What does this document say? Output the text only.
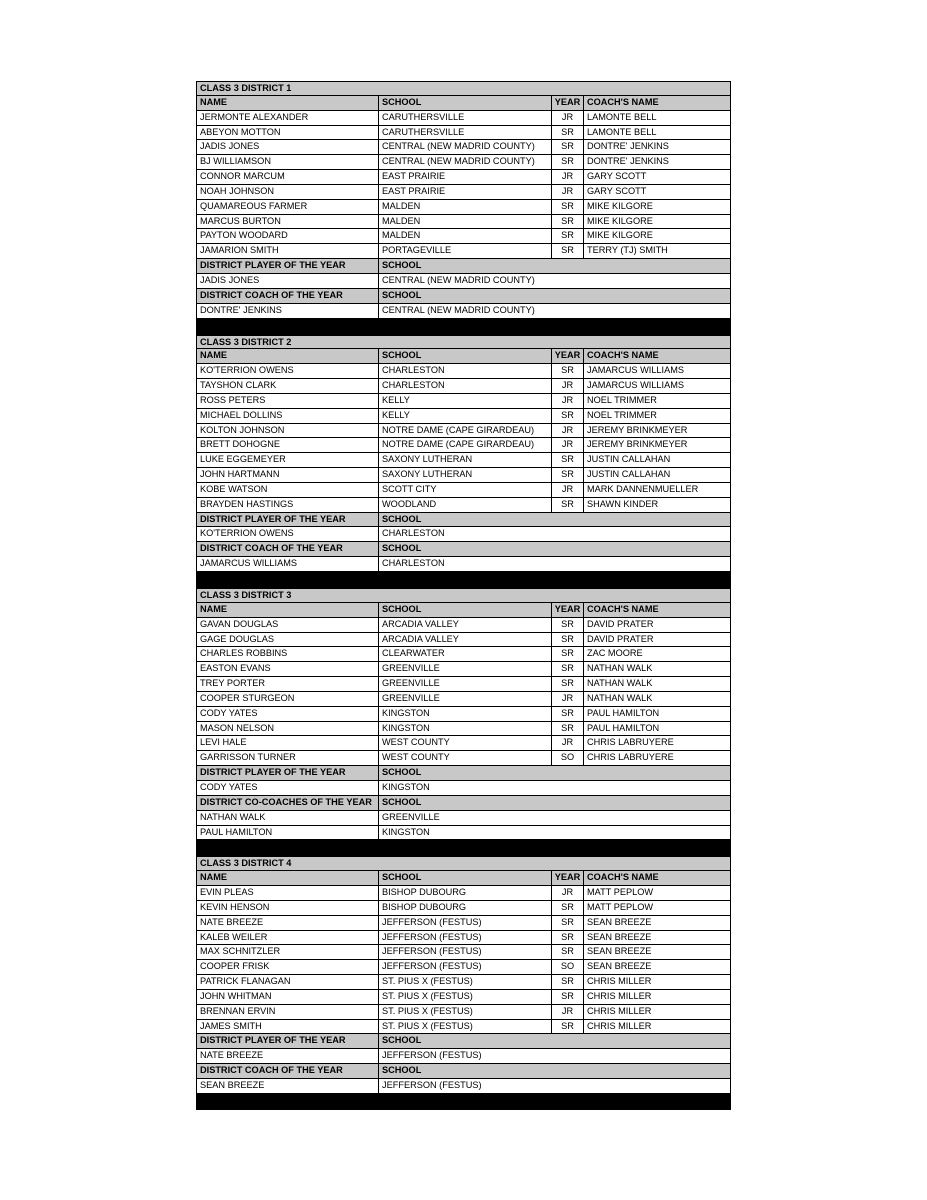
CLASS 3 DISTRICT 1
NAME	SCHOOL	YEAR COACH'S NAME
JERMONTE ALEXANDER	CARUTHERSVILLE	JR	LAMONTE BELL
ABEYON MOTTON	CARUTHERSVILLE	SR	LAMONTE BELL
JADIS JONES	CENTRAL (NEW MADRID COUNTY)	SR	DONTRE' JENKINS
BJ WILLIAMSON	CENTRAL (NEW MADRID COUNTY)	SR	DONTRE' JENKINS
CONNOR MARCUM	EAST PRAIRIE	JR	GARY SCOTT
NOAH JOHNSON	EAST PRAIRIE	JR	GARY SCOTT
QUAMAREOUS FARMER	MALDEN	SR	MIKE KILGORE
MARCUS BURTON	MALDEN	SR	MIKE KILGORE
PAYTON WOODARD	MALDEN	SR	MIKE KILGORE
JAMARION SMITH	PORTAGEVILLE	SR	TERRY (TJ) SMITH
DISTRICT PLAYER OF THE YEAR	SCHOOL
JADIS JONES	CENTRAL (NEW MADRID COUNTY)
DISTRICT COACH OF THE YEAR	SCHOOL
DONTRE' JENKINS	CENTRAL (NEW MADRID COUNTY)
CLASS 3 DISTRICT 2
NAME	SCHOOL	YEAR COACH'S NAME
KO'TERRION OWENS	CHARLESTON	SR	JAMARCUS WILLIAMS
TAYSHON CLARK	CHARLESTON	JR	JAMARCUS WILLIAMS
ROSS PETERS	KELLY	JR	NOEL TRIMMER
MICHAEL DOLLINS	KELLY	SR	NOEL TRIMMER
KOLTON JOHNSON	NOTRE DAME (CAPE GIRARDEAU)	JR	JEREMY BRINKMEYER
BRETT DOHOGNE	NOTRE DAME (CAPE GIRARDEAU)	JR	JEREMY BRINKMEYER
LUKE EGGEMEYER	SAXONY LUTHERAN	SR	JUSTIN CALLAHAN
JOHN HARTMANN	SAXONY LUTHERAN	SR	JUSTIN CALLAHAN
KOBE WATSON	SCOTT CITY	JR	MARK DANNENMUELLER
BRAYDEN HASTINGS	WOODLAND	SR	SHAWN KINDER
DISTRICT PLAYER OF THE YEAR	SCHOOL
KO'TERRION OWENS	CHARLESTON
DISTRICT COACH OF THE YEAR	SCHOOL
JAMARCUS WILLIAMS	CHARLESTON
CLASS 3 DISTRICT 3
NAME	SCHOOL	YEAR COACH'S NAME
GAVAN DOUGLAS	ARCADIA VALLEY	SR	DAVID PRATER
GAGE DOUGLAS	ARCADIA VALLEY	SR	DAVID PRATER
CHARLES ROBBINS	CLEARWATER	SR	ZAC MOORE
EASTON EVANS	GREENVILLE	SR	NATHAN WALK
TREY PORTER	GREENVILLE	SR	NATHAN WALK
COOPER STURGEON	GREENVILLE	JR	NATHAN WALK
CODY YATES	KINGSTON	SR	PAUL HAMILTON
MASON NELSON	KINGSTON	SR	PAUL HAMILTON
LEVI HALE	WEST COUNTY	JR	CHRIS LABRUYERE
GARRISSON TURNER	WEST COUNTY	SO	CHRIS LABRUYERE
DISTRICT PLAYER OF THE YEAR	SCHOOL
CODY YATES	KINGSTON
DISTRICT CO-COACHES OF THE YEAR	SCHOOL
NATHAN WALK	GREENVILLE
PAUL HAMILTON	KINGSTON
CLASS 3 DISTRICT 4
NAME	SCHOOL	YEAR COACH'S NAME
EVIN PLEAS	BISHOP DUBOURG	JR	MATT PEPLOW
KEVIN HENSON	BISHOP DUBOURG	SR	MATT PEPLOW
NATE BREEZE	JEFFERSON (FESTUS)	SR	SEAN BREEZE
KALEB WEILER	JEFFERSON (FESTUS)	SR	SEAN BREEZE
MAX SCHNITZLER	JEFFERSON (FESTUS)	SR	SEAN BREEZE
COOPER FRISK	JEFFERSON (FESTUS)	SO	SEAN BREEZE
PATRICK FLANAGAN	ST. PIUS X (FESTUS)	SR	CHRIS MILLER
JOHN WHITMAN	ST. PIUS X (FESTUS)	SR	CHRIS MILLER
BRENNAN ERVIN	ST. PIUS X (FESTUS)	JR	CHRIS MILLER
JAMES SMITH	ST. PIUS X (FESTUS)	SR	CHRIS MILLER
DISTRICT PLAYER OF THE YEAR	SCHOOL
NATE BREEZE	JEFFERSON (FESTUS)
DISTRICT COACH OF THE YEAR	SCHOOL
SEAN BREEZE	JEFFERSON (FESTUS)
